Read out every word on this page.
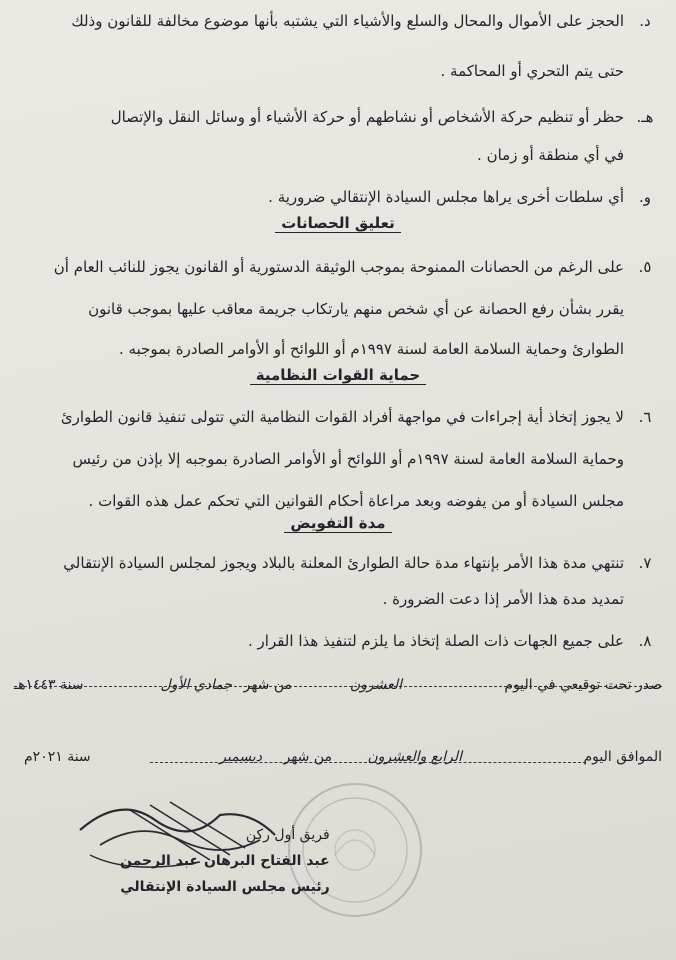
د.
الحجز على الأموال والمحال والسلع والأشياء التي يشتبه بأنها موضوع مخالفة للقانون وذلك
حتى يتم التحري أو المحاكمة .
هـ.
حظر أو تنظيم حركة الأشخاص أو نشاطهم أو حركة الأشياء أو وسائل النقل والإتصال
في أي منطقة أو زمان .
و.
أي سلطات أخرى يراها مجلس السيادة الإنتقالي ضرورية .
تعليق الحصانات
٥.
على الرغم من الحصانات الممنوحة بموجب الوثيقة الدستورية أو القانون يجوز للنائب العام أن
يقرر بشأن رفع الحصانة عن أي شخص منهم يارتكاب جريمة معاقب عليها بموجب قانون
الطوارئ وحماية السلامة العامة لسنة ١٩٩٧م أو اللوائح أو الأوامر الصادرة بموجبه .
حماية القوات النظامية
٦.
لا يجوز إتخاذ أية إجراءات في مواجهة أفراد القوات النظامية التي تتولى تنفيذ قانون الطوارئ
وحماية السلامة العامة لسنة ١٩٩٧م أو اللوائح أو الأوامر الصادرة بموجبه إلا بإذن من رئيس
مجلس السيادة أو من يفوضه وبعد مراعاة أحكام القوانين التي تحكم عمل هذه القوات .
مدة التفويض
٧.
تنتهي مدة هذا الأمر بإنتهاء مدة حالة الطوارئ المعلنة بالبلاد ويجوز لمجلس السيادة الإنتقالي
تمديد مدة هذا الأمر إذا دعت الضرورة .
٨.
على جميع الجهات ذات الصلة إتخاذ ما يلزم لتنفيذ هذا القرار .
صدر تحت توقيعي في اليوم
العشرون
من شهر
جمادي الأول
سنة ١٤٤٣هـ
الموافق اليوم
الرابع والعشرون
من شهر
ديسمبر
سنة ٢٠٢١م
فريق أول ركن
عبد الفتاح البرهان عبد الرحمن
رئيس مجلس السيادة الإنتقالي
